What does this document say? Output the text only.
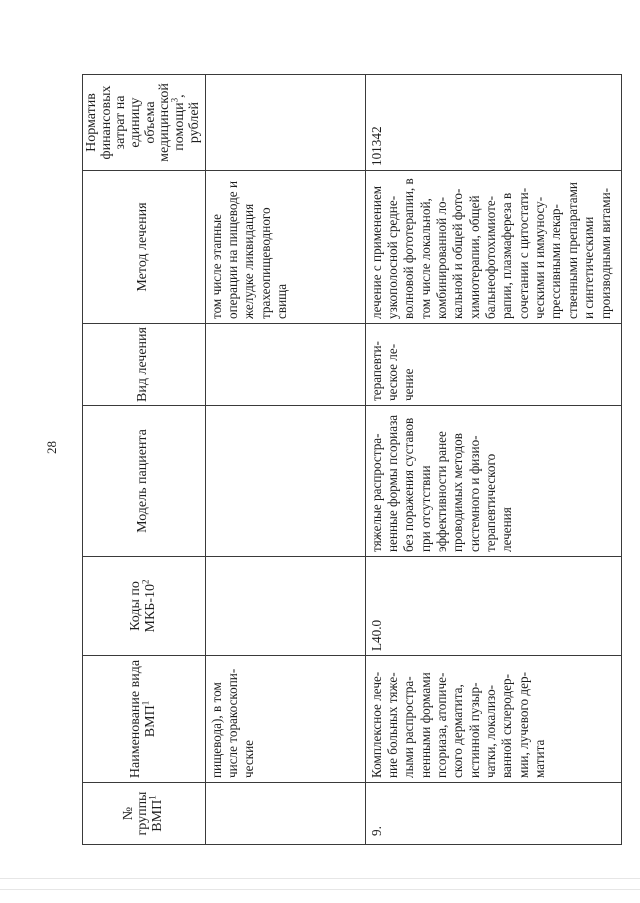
28
№ группы ВМП$^1$	Наименование вида ВМП$^1$	Коды по МКБ-$10^2$	Модель пациента	Вид лечения	Метод лечения	Норматив финансовых затрат на единицу объема медицинской помощи$^3$, рублей
	пищевода), в том числе торакоскопические				том числе этапные операции на пищеводе и желудке ликвидация трахеопищеводного свища	
9.	Комплексное лечение больных тяжелыми распространенными формами псориаза, атопического дерматита, истинной пузырчатки, локализованной склеродермии, лучевого дерматита	L40.0	тяжелые распространенные формы псориаза без поражения суставов при отсутствии эффективности ранее проводимых методов системного и физиотерапевтического лечения	терапевтическое лечение	лечение с применением узкополосной средневолновой фототерапии, в том числе локальной, комбинированной локальной и общей фотохимиотерапии, общей бальнеофотохимиотерапии, плазмафереза в сочетании с цитостатическими и иммуносупрессивными лекарственными препаратами и синтетическими производными витами-	101342
